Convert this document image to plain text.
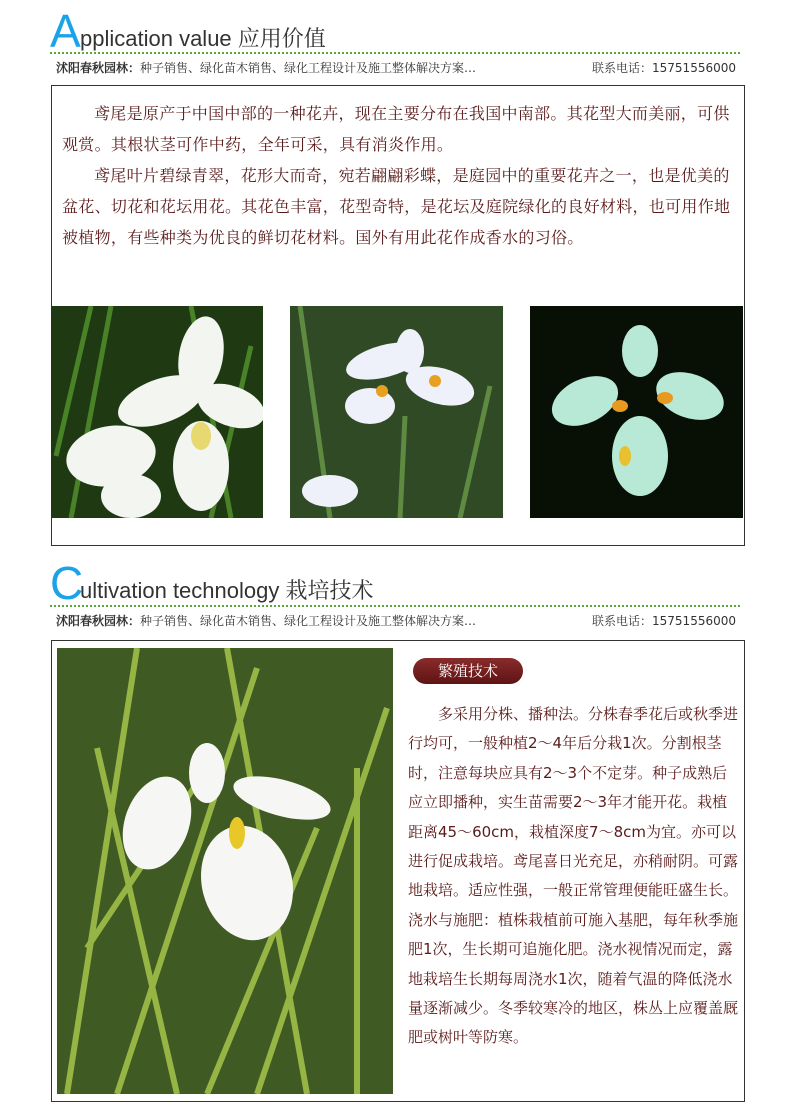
A pplication value 应用价值
沭阳春秋园林：种子销售、绿化苗木销售、绿化工程设计及施工整体解决方案…	联系电话：15751556000
鸢尾是原产于中国中部的一种花卉，现在主要分布在我国中南部。其花型大而美丽，可供观赏。其根状茎可作中药，全年可采，具有消炎作用。
鸢尾叶片碧绿青翠，花形大而奇，宛若翩翩彩蝶，是庭园中的重要花卉之一，也是优美的盆花、切花和花坛用花。其花色丰富，花型奇特，是花坛及庭院绿化的良好材料，也可用作地被植物，有些种类为优良的鲜切花材料。国外有用此花作成香水的习俗。
C
ultivation technology 栽培技术
沭阳春秋园林：种子销售、绿化苗木销售、绿化工程设计及施工整体解决方案…	联系电话：15751556000
繁殖技术
多采用分株、播种法。分株春季花后或秋季进行均可，一般种植2～4年后分栽1次。分割根茎时，注意每块应具有2～3个不定芽。种子成熟后应立即播种，实生苗需要2～3年才能开花。栽植距离45～60cm，栽植深度7～8cm为宜。亦可以进行促成栽培。鸢尾喜日光充足，亦稍耐阴。可露地栽培。适应性强，一般正常管理便能旺盛生长。浇水与施肥：植株栽植前可施入基肥，每年秋季施肥1次，生长期可追施化肥。浇水视情况而定，露地栽培生长期每周浇水1次，随着气温的降低浇水量逐渐减少。冬季较寒冷的地区，株丛上应覆盖厩肥或树叶等防寒。
